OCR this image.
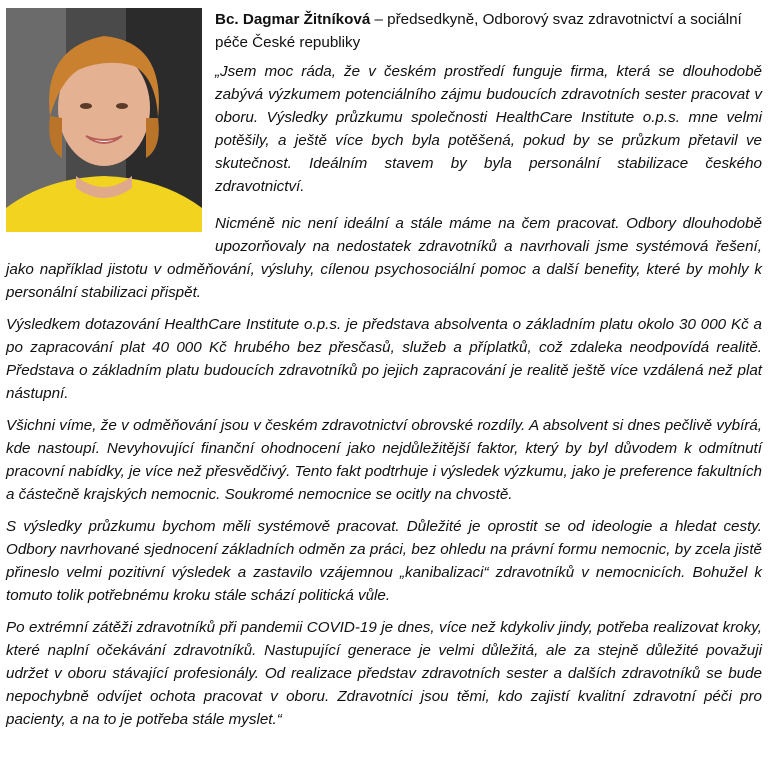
Bc. Dagmar Žitníková – předsedkyně, Odborový svaz zdravotnictví a sociální péče České republiky

„Jsem moc ráda, že v českém prostředí funguje firma, která se dlouhodobě zabývá výzkumem potenciálního zájmu budoucích zdravotních sester pracovat v oboru. Výsledky průzkumu společnosti HealthCare Institute o.p.s. mne velmi potěšily, a ještě více bych byla potěšená, pokud by se průzkum přetavil ve skutečnost. Ideálním stavem by byla personální stabilizace českého zdravotnictví.

Nicméně nic není ideální a stále máme na čem pracovat. Odbory dlouhodobě upozorňovaly na nedostatek zdravotníků a navrhovali jsme systémová řešení, jako například jistotu v odměňování, výsluhy, cílenou psychosociální pomoc a další benefity, které by mohly k personální stabilizaci přispět.

Výsledkem dotazování HealthCare Institute o.p.s. je představa absolventa o základním platu okolo 30 000 Kč a po zapracování plat 40 000 Kč hrubého bez přesčasů, služeb a příplatků, což zdaleka neodpovídá realitě. Představa o základním platu budoucích zdravotníků po jejich zapracování je realitě ještě více vzdálená než plat nástupní.

Všichni víme, že v odměňování jsou v českém zdravotnictví obrovské rozdíly. A absolvent si dnes pečlivě vybírá, kde nastoupí. Nevyhovující finanční ohodnocení jako nejdůležitější faktor, který by byl důvodem k odmítnutí pracovní nabídky, je více než přesvědčivý. Tento fakt podtrhuje i výsledek výzkumu, jako je preference fakultních a částečně krajských nemocnic. Soukromé nemocnice se ocitly na chvostě.

S výsledky průzkumu bychom měli systémově pracovat. Důležité je oprostit se od ideologie a hledat cesty. Odbory navrhované sjednocení základních odměn za práci, bez ohledu na právní formu nemocnic, by zcela jistě přineslo velmi pozitivní výsledek a zastavilo vzájemnou „kanibalizaci“ zdravotníků v nemocnicích. Bohužel k tomuto tolik potřebnému kroku stále schází politická vůle.

Po extrémní zátěži zdravotníků při pandemii COVID-19 je dnes, více než kdykoliv jindy, potřeba realizovat kroky, které naplní očekávání zdravotníků. Nastupující generace je velmi důležitá, ale za stejně důležité považuji udržet v oboru stávající profesionály. Od realizace představ zdravotních sester a dalších zdravotníků se bude nepochybně odvíjet ochota pracovat v oboru. Zdravotníci jsou těmi, kdo zajistí kvalitní zdravotní péči pro pacienty, a na to je potřeba stále myslet.“
